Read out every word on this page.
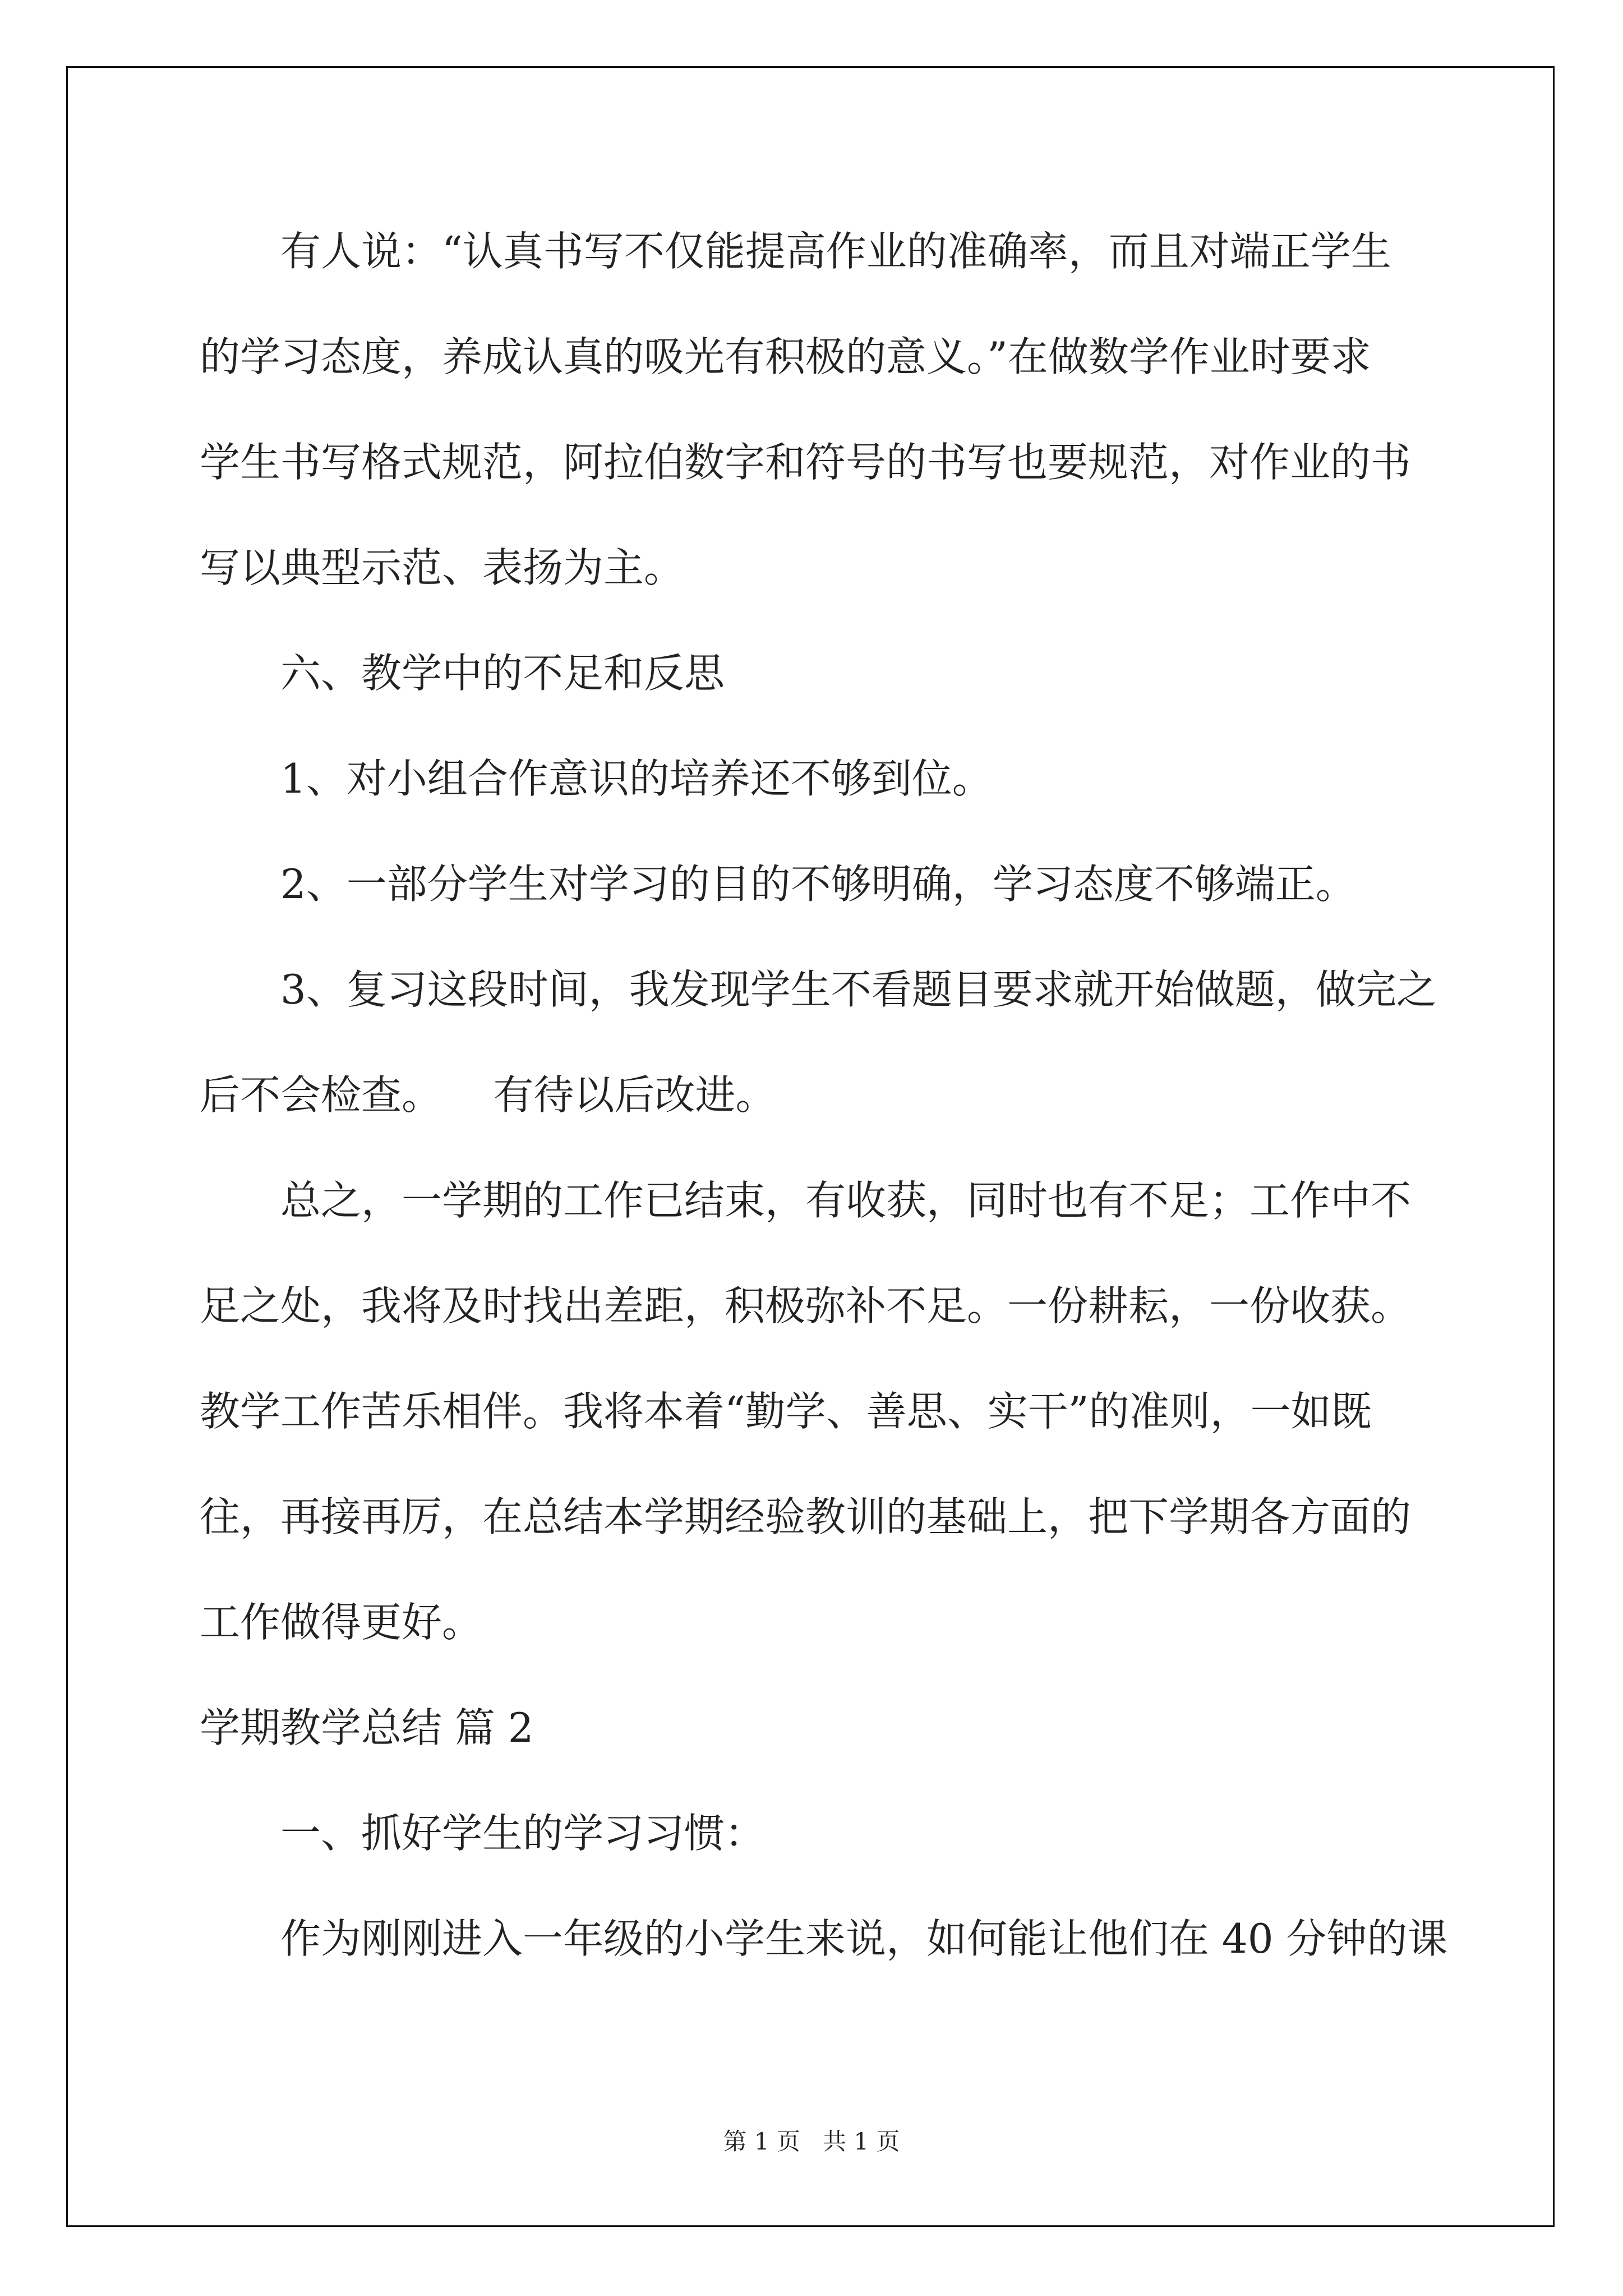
有人说：“认真书写不仅能提高作业的准确率，而且对端正学生

的学习态度，养成认真的吸光有积极的意义。”在做数学作业时要求

学生书写格式规范，阿拉伯数字和符号的书写也要规范，对作业的书

写以典型示范、表扬为主。

六、教学中的不足和反思

1、对小组合作意识的培养还不够到位。

2、一部分学生对学习的目的不够明确，学习态度不够端正。

3、复习这段时间，我发现学生不看题目要求就开始做题，做完之

后不会检查。    有待以后改进。

总之，一学期的工作已结束，有收获，同时也有不足；工作中不

足之处，我将及时找出差距，积极弥补不足。一份耕耘，一份收获。

教学工作苦乐相伴。我将本着“勤学、善思、实干”的准则，一如既

往，再接再厉，在总结本学期经验教训的基础上，把下学期各方面的

工作做得更好。

学期教学总结 篇 2

一、抓好学生的学习习惯：

作为刚刚进入一年级的小学生来说，如何能让他们在 40 分钟的课

第 1 页   共 1 页
